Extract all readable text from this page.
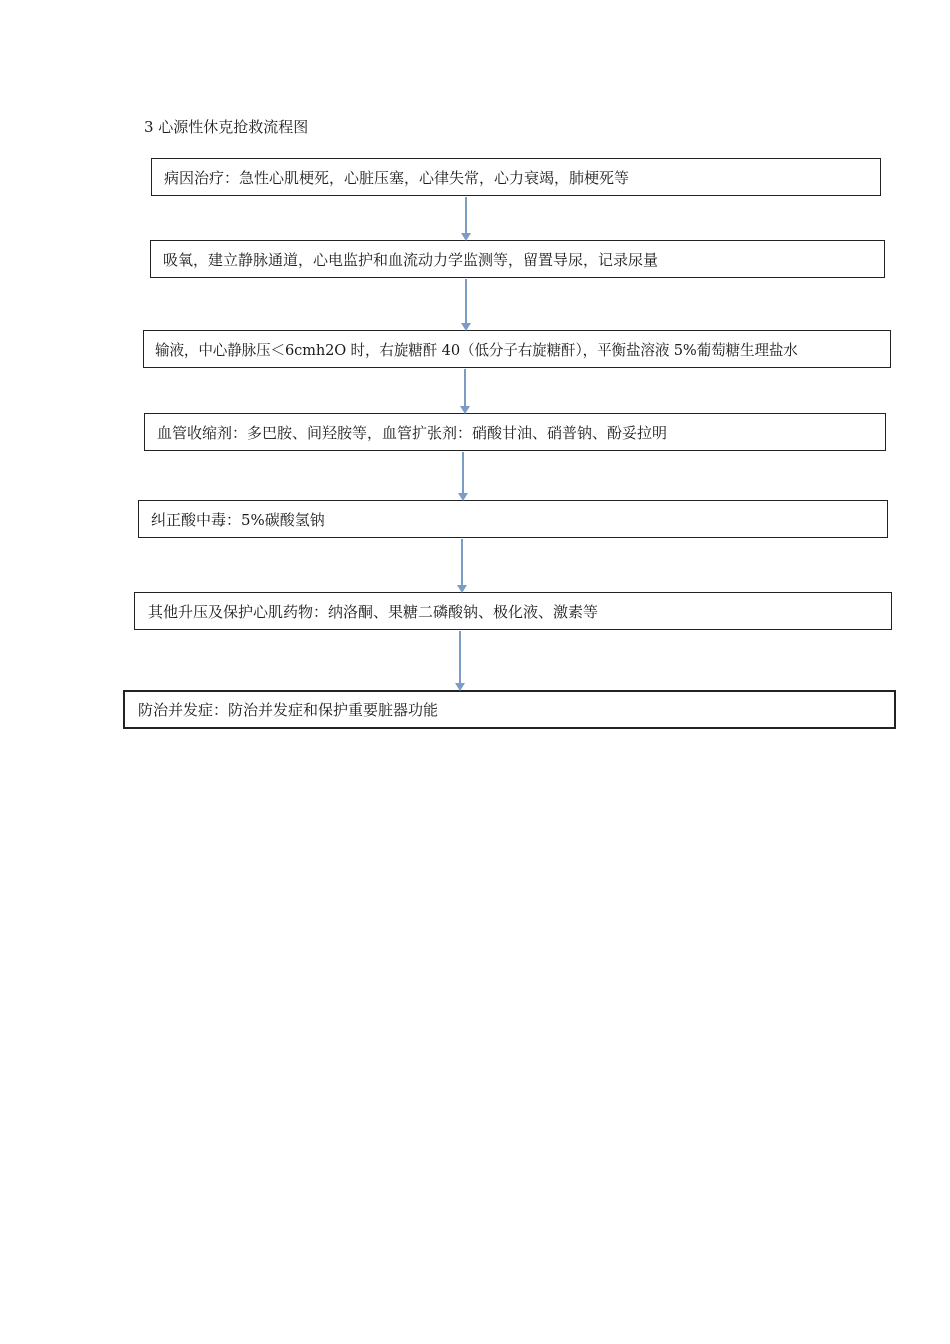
3 心源性休克抢救流程图
病因治疗：急性心肌梗死，心脏压塞，心律失常，心力衰竭，肺梗死等
吸氧，建立静脉通道，心电监护和血流动力学监测等，留置导尿，记录尿量
输液，中心静脉压＜6cmh2O 时，右旋糖酐 40（低分子右旋糖酐），平衡盐溶液 5%葡萄糖生理盐水
血管收缩剂：多巴胺、间羟胺等，血管扩张剂：硝酸甘油、硝普钠、酚妥拉明
纠正酸中毒：5%碳酸氢钠
其他升压及保护心肌药物：纳洛酮、果糖二磷酸钠、极化液、激素等
防治并发症：防治并发症和保护重要脏器功能
